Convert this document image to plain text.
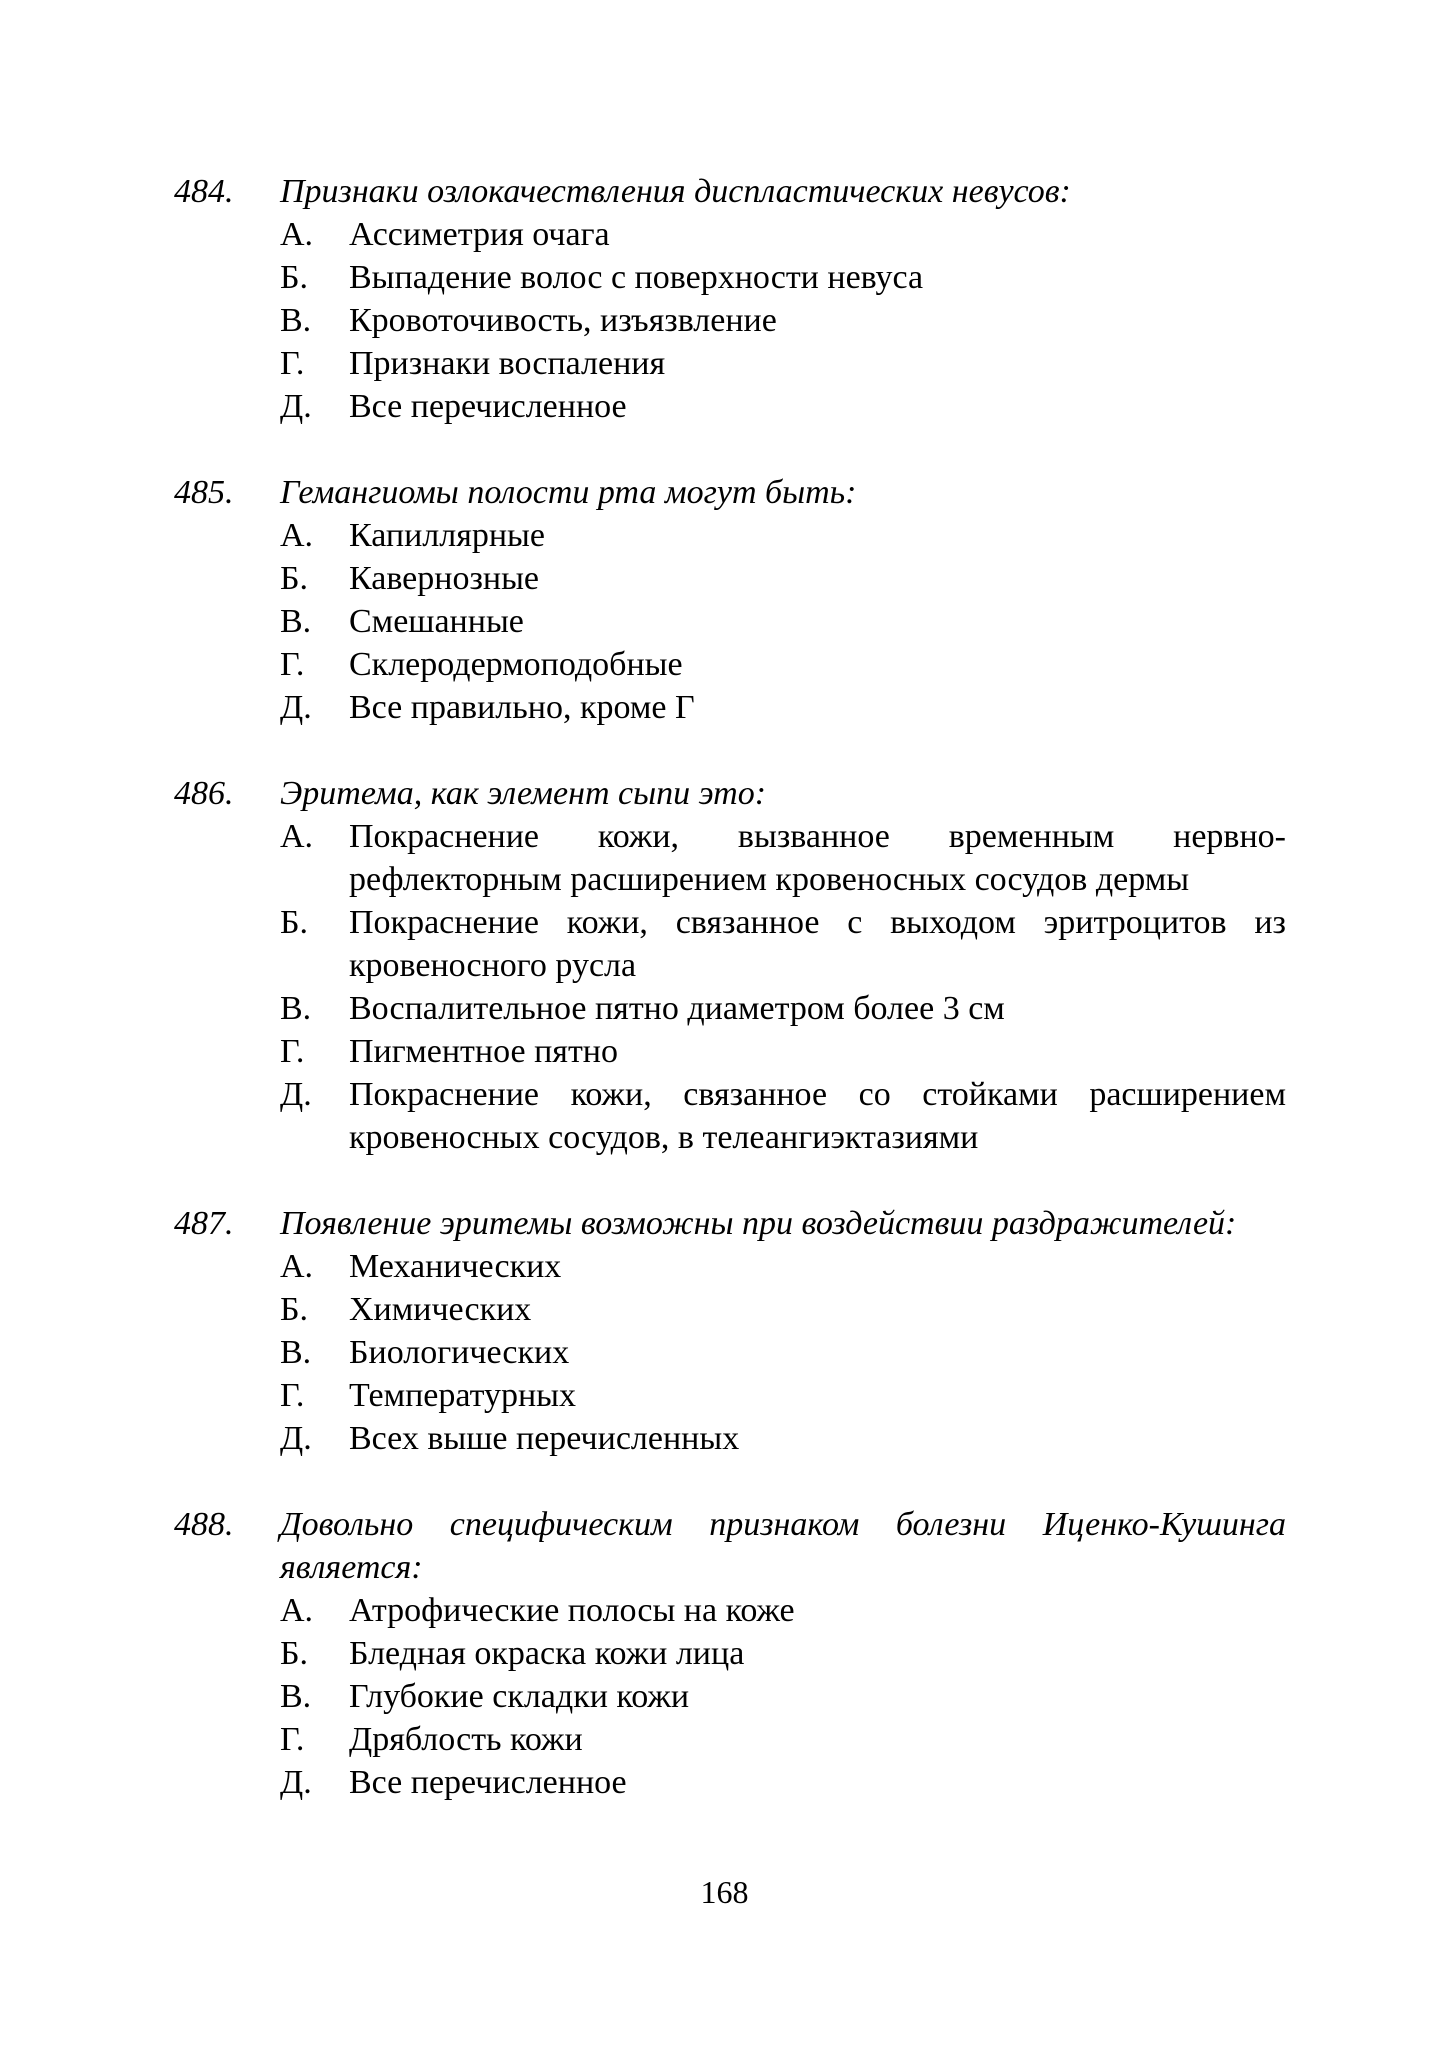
484.	Признаки озлокачествления диспластических невусов:
А.	Ассиметрия очага
Б.	Выпадение волос с поверхности невуса
В.	Кровоточивость, изъязвление
Г.	Признаки воспаления
Д.	Все перечисленное
485.	Гемангиомы полости рта могут быть:
А.	Капиллярные
Б.	Кавернозные
В.	Смешанные
Г.	Склеродермоподобные
Д.	Все правильно, кроме Г
486.	Эритема, как элемент сыпи это:
А.	Покраснение кожи, вызванное временным нервно-рефлекторным расширением кровеносных сосудов дермы
Б.	Покраснение кожи, связанное с выходом эритроцитов из кровеносного русла
В.	Воспалительное пятно диаметром более 3 см
Г.	Пигментное пятно
Д.	Покраснение кожи, связанное со стойками расширением кровеносных сосудов, в телеангиэктазиями
487.	Появление эритемы возможны при воздействии раздражителей:
А.	Механических
Б.	Химических
В.	Биологических
Г.	Температурных
Д.	Всех выше перечисленных
488.	Довольно специфическим признаком болезни Иценко-Кушинга является:
А.	Атрофические полосы на коже
Б.	Бледная окраска кожи лица
В.	Глубокие складки кожи
Г.	Дряблость кожи
Д.	Все перечисленное
168
